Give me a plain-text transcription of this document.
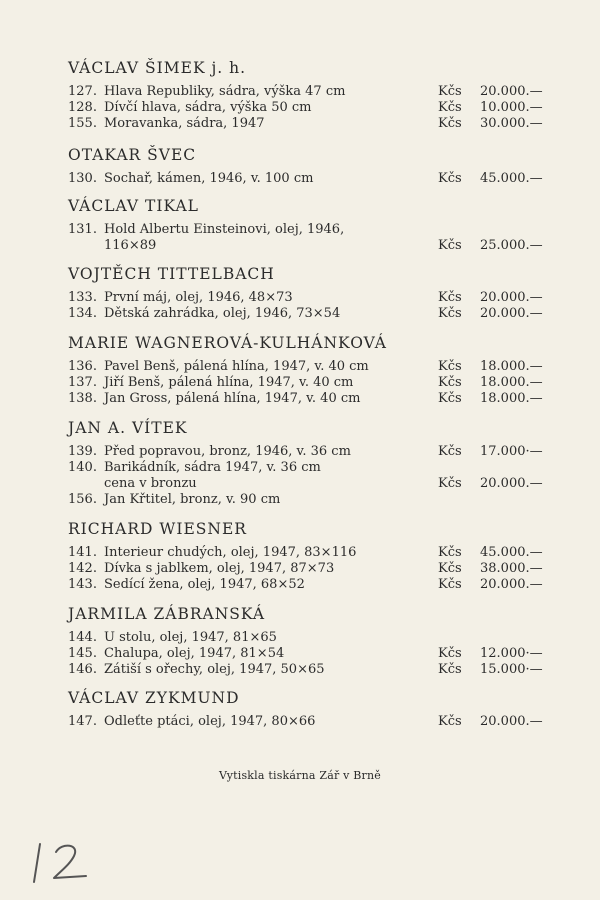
VÁCLAV ŠIMEK j. h.
127. Hlava Republiky, sádra, výška 47 cm	Kčs 20.000.—
128. Dívčí hlava, sádra, výška 50 cm	Kčs 10.000.—
155. Moravanka, sádra, 1947	Kčs 30.000.—
OTAKAR ŠVEC
130. Sochař, kámen, 1946, v. 100 cm	Kčs 45.000.—
VÁCLAV TIKAL
131. Hold Albertu Einsteinovi, olej, 1946,
116×89	Kčs 25.000.—
VOJTĚCH TITTELBACH
133. První máj, olej, 1946, 48×73	Kčs 20.000.—
134. Dětská zahrádka, olej, 1946, 73×54	Kčs 20.000.—
MARIE WAGNEROVÁ-KULHÁNKOVÁ
136. Pavel Benš, pálená hlína, 1947, v. 40 cm	Kčs 18.000.—
137. Jiří Benš, pálená hlína, 1947, v. 40 cm	Kčs 18.000.—
138. Jan Gross, pálená hlína, 1947, v. 40 cm	Kčs 18.000.—
JAN A. VÍTEK
139. Před popravou, bronz, 1946, v. 36 cm	Kčs 17.000·—
140. Barikádník, sádra 1947, v. 36 cm
cena v bronzu	Kčs 20.000.—
156. Jan Křtitel, bronz, v. 90 cm
RICHARD WIESNER
141. Interieur chudých, olej, 1947, 83×116	Kčs 45.000.—
142. Dívka s jablkem, olej, 1947, 87×73	Kčs 38.000.—
143. Sedící žena, olej, 1947, 68×52	Kčs 20.000.—
JARMILA ZÁBRANSKÁ
144. U stolu, olej, 1947, 81×65
145. Chalupa, olej, 1947, 81×54	Kčs 12.000·—
146. Zátiší s ořechy, olej, 1947, 50×65	Kčs 15.000·—
VÁCLAV ZYKMUND
147. Odleťte ptáci, olej, 1947, 80×66	Kčs 20.000.—
Vytiskla tiskárna Zář v Brně
